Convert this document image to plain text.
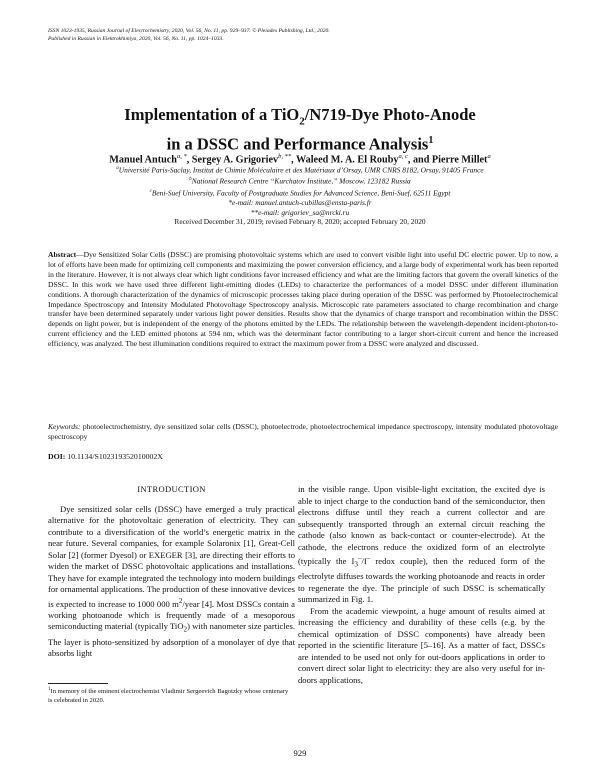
ISSN 1023-1935, Russian Journal of Electrochemistry, 2020, Vol. 56, No. 11, pp. 929–937. © Pleiades Publishing, Ltd., 2020.
Published in Russian in Elektrokhimiya, 2020, Vol. 56, No. 11, pp. 1024–1033.
Implementation of a TiO$_2$/N719-Dye Photo-Anode
in a DSSC and Performance Analysis$^1$
Manuel Antuch$^{a, *}$, Sergey A. Grigoriev$^{b, **}$, Waleed M. A. El Rouby$^{a, c}$, and Pierre Millet$^a$
$^a$Université Paris-Saclay, Institut de Chimie Moléculaire et des Matériaux d’Orsay, UMR CNRS 8182, Orsay, 91405 France
$^b$National Research Centre “Kurchatov Institute,” Moscow, 123182 Russia
$^c$Beni-Suef University, Faculty of Postgraduate Studies for Advanced Science, Beni-Suef, 62511 Egypt
*e-mail: manuel.antuch-cubillas@ensta-paris.fr
**e-mail: grigoriev_sa@nrcki.ru
Received December 31, 2019; revised February 8, 2020; accepted February 20, 2020
Abstract—Dye Sensitized Solar Cells (DSSC) are promising photovoltaic systems which are used to convert visible light into useful DC electric power. Up to now, a lot of efforts have been made for optimizing cell components and maximizing the power conversion efficiency, and a large body of experimental work has been reported in the literature. However, it is not always clear which light conditions favor increased efficiency and what are the limiting factors that govern the overall kinetics of the DSSC. In this work we have used three different light-emitting diodes (LEDs) to characterize the performances of a model DSSC under different illumination conditions. A thorough characterization of the dynamics of microscopic processes taking place during operation of the DSSC was performed by Photoelectrochemical Impedance Spectroscopy and Intensity Modulated Photovoltage Spectroscopy analysis. Microscopic rate parameters associated to charge recombination and charge transfer have been determined separately under various light power densities. Results show that the dynamics of charge transport and recombination within the DSSC depends on light power, but is independent of the energy of the photons emitted by the LEDs. The relationship between the wavelength-dependent incident-photon-to-current efficiency and the LED emitted photons at 594 nm, which was the determinant factor contributing to a larger short-circuit current and hence the increased efficiency, was analyzed. The best illumination conditions required to extract the maximum power from a DSSC were analyzed and discussed.
Keywords: photoelectrochemistry, dye sensitized solar cells (DSSC), photoelectrode, photoelectrochemical impedance spectroscopy, intensity modulated photovoltage spectroscopy
DOI: 10.1134/S102319352010002X
INTRODUCTION

Dye sensitized solar cells (DSSC) have emerged a truly practical alternative for the photovoltaic generation of electricity. They can contribute to a diversification of the world’s energetic matrix in the near future. Several companies, for example Solaronix [1], Great-Cell Solar [2] (former Dyesol) or EXEGER [3], are directing their efforts to widen the market of DSSC photovoltaic applications and installations. They have for example integrated the technology into modern buildings for ornamental applications. The production of these innovative devices is expected to increase to 1000 000 $m^2$/year [4]. Most DSSCs contain a working photoanode which is frequently made of a mesoporous semiconducting material (typically TiO$_2$) with nanometer size particles. The layer is photo-sensitized by adsorption of a monolayer of dye that absorbs light

in the visible range. Upon visible-light excitation, the excited dye is able to inject charge to the conduction band of the semiconductor, then electrons diffuse until they reach a current collector and are subsequently transported through an external circuit reaching the cathode (also known as back-contact or counter-electrode). At the cathode, the electrons reduce the oxidized form of an electrolyte (typically the $I_3^-/I^-$ redox couple), then the reduced form of the electrolyte diffuses towards the working photoanode and reacts in order to regenerate the dye. The principle of such DSSC is schematically summarized in Fig. 1.

From the academic viewpoint, a huge amount of results aimed at increasing the efficiency and durability of these cells (e.g. by the chemical optimization of DSSC components) have already been reported in the scientific literature [5–16]. As a matter of fact, DSSCs are intended to be used not only for out-doors applications in order to convert direct solar light to electricity: they are also very useful for in-doors applications,

$^1$In memory of the eminent electrochemist Vladimir Sergeevich Bagotzky whose centenary is celebrated in 2020.
929
